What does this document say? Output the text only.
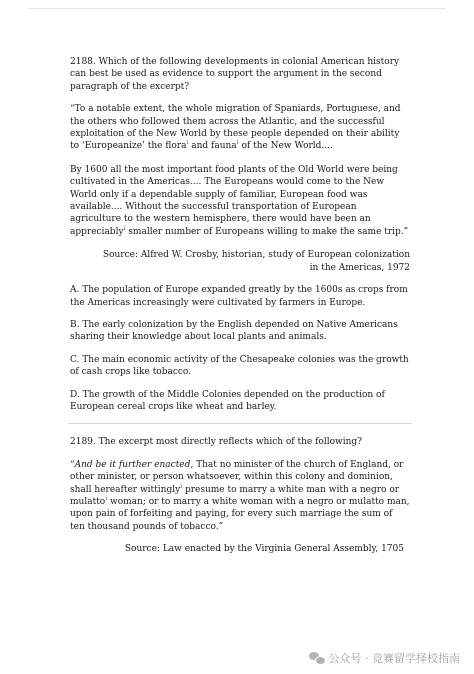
2188. Which of the following developments in colonial American history can best be used as evidence to support the argument in the second paragraph of the excerpt?

“To a notable extent, the whole migration of Spaniards, Portuguese, and the others who followed them across the Atlantic, and the successful exploitation of the New World by these people depended on their ability to ‘Europeanize’ the flora$^i$ and fauna$^i$ of the New World....

By 1600 all the most important food plants of the Old World were being cultivated in the Americas.... The Europeans would come to the New World only if a dependable supply of familiar, European food was available.... Without the successful transportation of European agriculture to the western hemisphere, there would have been an appreciably$^i$ smaller number of Europeans willing to make the same trip.”

Source: Alfred W. Crosby, historian, study of European colonization

in the Americas, 1972

A. The population of Europe expanded greatly by the 1600s as crops from the Americas increasingly were cultivated by farmers in Europe.

B. The early colonization by the English depended on Native Americans sharing their knowledge about local plants and animals.

C. The main economic activity of the Chesapeake colonies was the growth of cash crops like tobacco.

D. The growth of the Middle Colonies depended on the production of European cereal crops like wheat and barley.

2189. The excerpt most directly reflects which of the following?

“And be it further enacted, That no minister of the church of England, or other minister, or person whatsoever, within this colony and dominion, shall hereafter wittingly$^i$ presume to marry a white man with a negro or mulatto$^i$ woman; or to marry a white woman with a negro or mulatto man, upon pain of forfeiting and paying, for every such marriage the sum of ten thousand pounds of tobacco.”

Source: Law enacted by the Virginia General Assembly, 1705

公众号 · 竞赛留学择校指南
